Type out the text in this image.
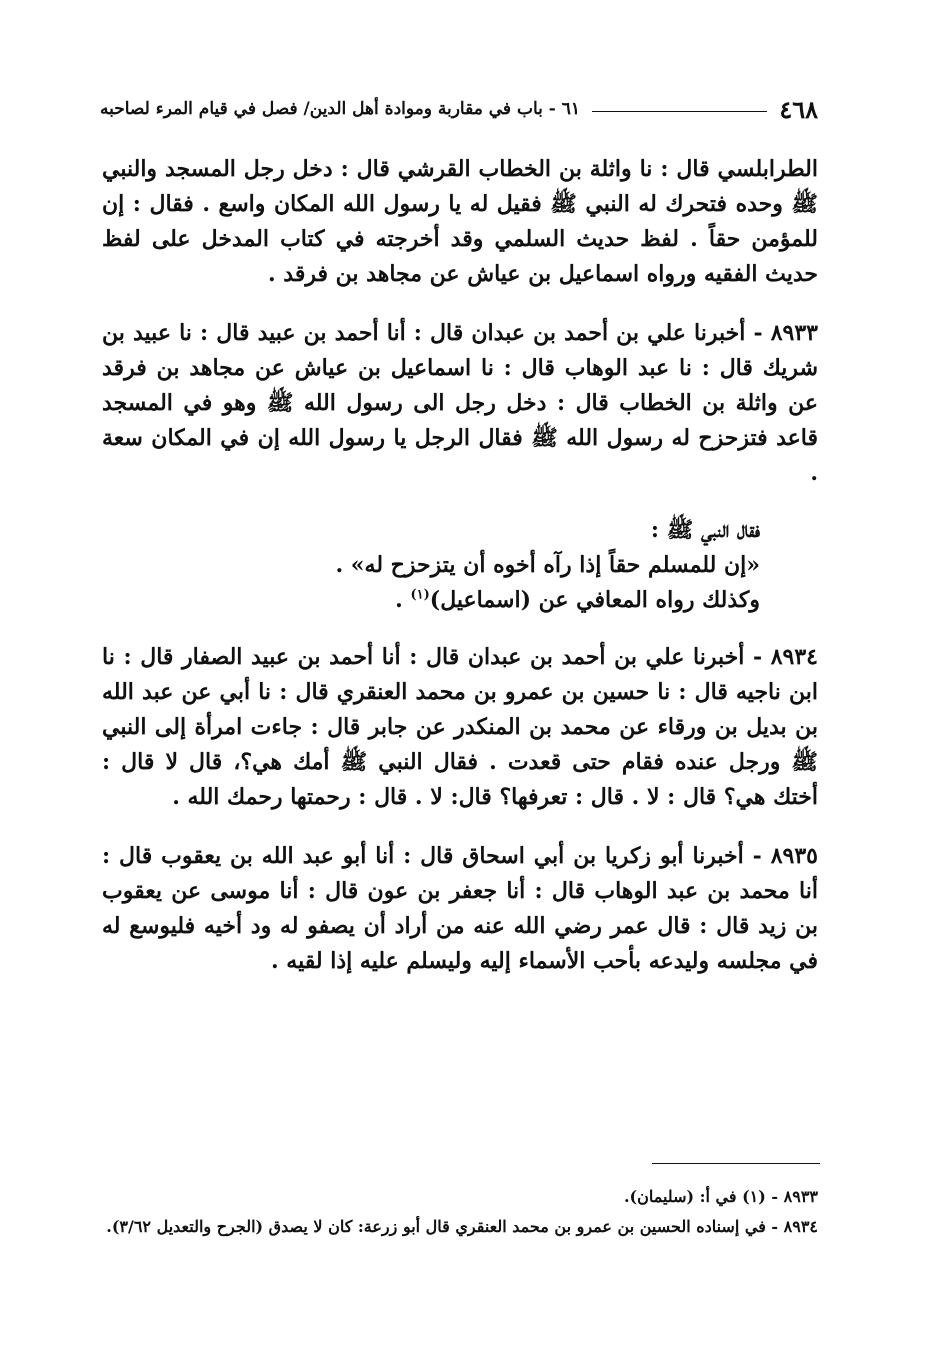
٤٦٨
٦١ - باب في مقاربة وموادة أهل الدين/ فصل في قيام المرء لصاحبه

الطرابلسي قال : نا واثلة بن الخطاب القرشي قال : دخل رجل المسجد والنبي ﷺ وحده فتحرك له النبي ﷺ فقيل له يا رسول الله المكان واسع . فقال : إن للمؤمن حقاً . لفظ حديث السلمي وقد أخرجته في كتاب المدخل على لفظ حديث الفقيه ورواه اسماعيل بن عياش عن مجاهد بن فرقد .

٨٩٣٣ - أخبرنا علي بن أحمد بن عبدان قال : أنا أحمد بن عبيد قال : نا عبيد بن شريك قال : نا عبد الوهاب قال : نا اسماعيل بن عياش عن مجاهد بن فرقد عن واثلة بن الخطاب قال : دخل رجل الى رسول الله ﷺ وهو في المسجد قاعد فتزحزح له رسول الله ﷺ فقال الرجل يا رسول الله إن في المكان سعة .

فقال النبي ﷺ :

«إن للمسلم حقاً إذا رآه أخوه أن يتزحزح له» .

وكذلك رواه المعافي عن (اسماعيل)$^{(١)}$ .

٨٩٣٤ - أخبرنا علي بن أحمد بن عبدان قال : أنا أحمد بن عبيد الصفار قال : نا ابن ناجيه قال : نا حسين بن عمرو بن محمد العنقري قال : نا أبي عن عبد الله بن بديل بن ورقاء عن محمد بن المنكدر عن جابر قال : جاءت امرأة إلى النبي ﷺ ورجل عنده فقام حتى قعدت . فقال النبي ﷺ أمك هي؟، قال لا قال : أختك هي؟ قال : لا . قال : تعرفها؟ قال: لا . قال : رحمتها رحمك الله .

٨٩٣٥ - أخبرنا أبو زكريا بن أبي اسحاق قال : أنا أبو عبد الله بن يعقوب قال : أنا محمد بن عبد الوهاب قال : أنا جعفر بن عون قال : أنا موسى عن يعقوب بن زيد قال : قال عمر رضي الله عنه من أراد أن يصفو له ود أخيه فليوسع له في مجلسه وليدعه بأحب الأسماء إليه وليسلم عليه إذا لقيه .

٨٩٣٣ - (١) في أ: (سليمان).

٨٩٣٤ - في إسناده الحسين بن عمرو بن محمد العنقري قال أبو زرعة: كان لا يصدق (الجرح والتعديل ٣/٦٢).
